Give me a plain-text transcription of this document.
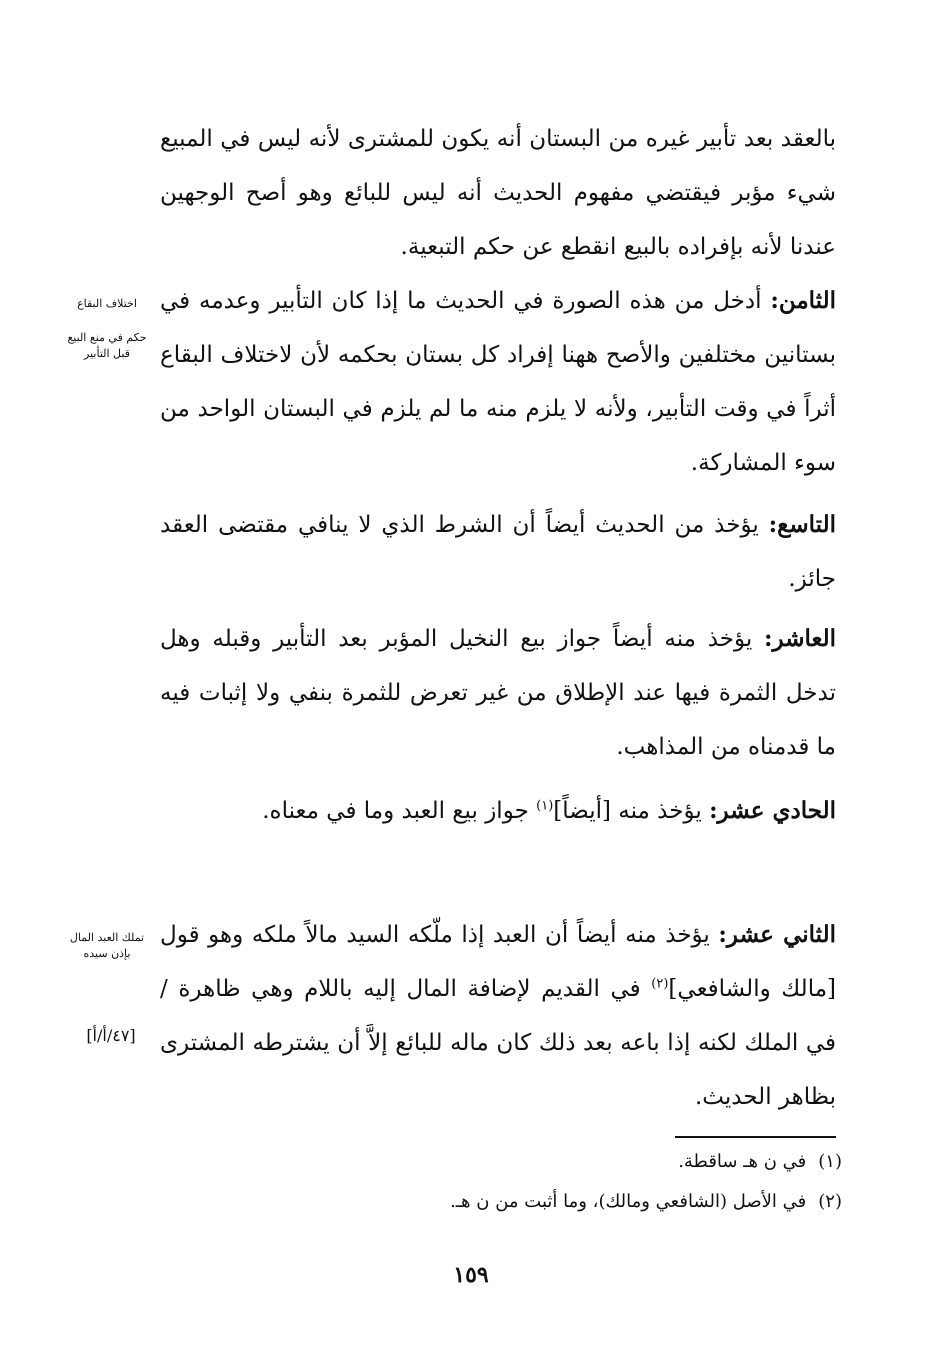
بالعقد بعد تأبير غيره من البستان أنه يكون للمشترى لأنه ليس في المبيع شيء مؤبر فيقتضي مفهوم الحديث أنه ليس للبائع وهو أصح الوجهين عندنا لأنه بإفراده بالبيع انقطع عن حكم التبعية.

الثامن: أدخل من هذه الصورة في الحديث ما إذا كان التأبير وعدمه في بستانين مختلفين والأصح ههنا إفراد كل بستان بحكمه لأن لاختلاف البقاع أثراً في وقت التأبير، ولأنه لا يلزم منه ما لم يلزم في البستان الواحد من سوء المشاركة.

التاسع: يؤخذ من الحديث أيضاً أن الشرط الذي لا ينافي مقتضى العقد جائز.

العاشر: يؤخذ منه أيضاً جواز بيع النخيل المؤبر بعد التأبير وقبله وهل تدخل الثمرة فيها عند الإطلاق من غير تعرض للثمرة بنفي ولا إثبات فيه ما قدمناه من المذاهب.

الحادي عشر: يؤخذ منه [أيضاً]$^{(١)}$ جواز بيع العبد وما في معناه.

الثاني عشر: يؤخذ منه أيضاً أن العبد إذا ملّكه السيد مالاً ملكه وهو قول [مالك والشافعي]$^{(٢)}$ في القديم لإضافة المال إليه باللام وهي ظاهرة / في الملك لكنه إذا باعه بعد ذلك كان ماله للبائع إلاَّ أن يشترطه المشترى بظاهر الحديث.

اختلاف البقاع
حكم في منع البيع قبل التأبير
تملك العبد المال بإذن سيده
[٤٧/أ/أ]
(١)في ن هـ ساقطة.
(٢)في الأصل (الشافعي ومالك)، وما أثبت من ن هـ.
١٥٩
